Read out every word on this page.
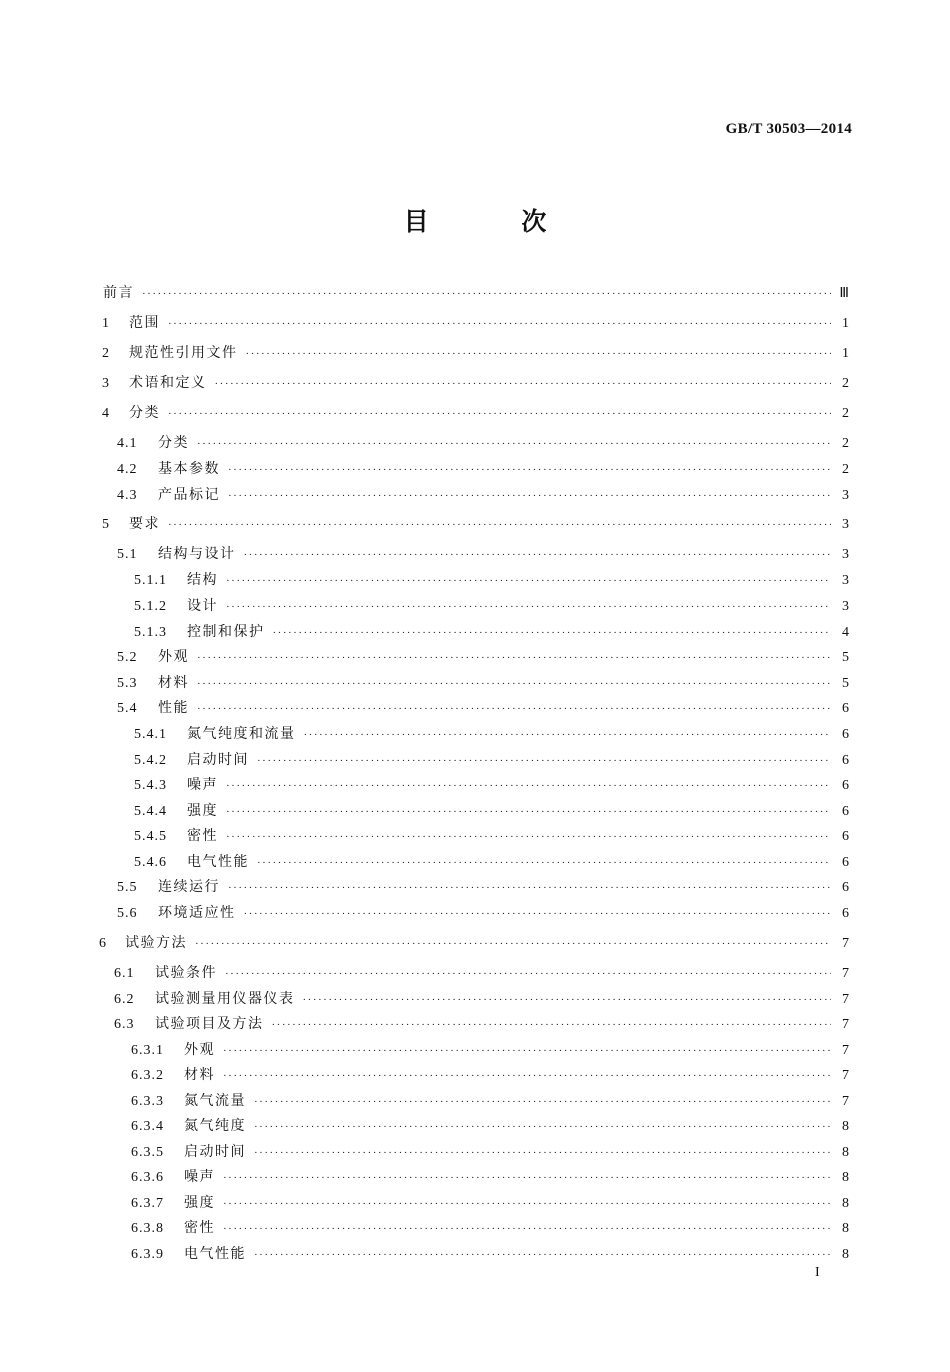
GB/T 30503—2014
目 次
前言 ·····	Ⅲ
1	范围 ·····	1
2	规范性引用文件 ·····	1
3	术语和定义 ·····	2
4	分类 ·····	2
4.1	分类 ·····	2
4.2	基本参数 ·····	2
4.3	产品标记 ·····	3
5	要求 ·····	3
5.1	结构与设计 ·····	3
5.1.1	结构 ·····	3
5.1.2	设计 ·····	3
5.1.3	控制和保护 ·····	4
5.2	外观 ·····	5
5.3	材料 ·····	5
5.4	性能 ·····	6
5.4.1	氮气纯度和流量 ·····	6
5.4.2	启动时间 ·····	6
5.4.3	噪声 ·····	6
5.4.4	强度 ·····	6
5.4.5	密性 ·····	6
5.4.6	电气性能 ·····	6
5.5	连续运行 ·····	6
5.6	环境适应性 ·····	6
6	试验方法 ·····	7
6.1	试验条件 ·····	7
6.2	试验测量用仪器仪表 ·····	7
6.3	试验项目及方法 ·····	7
6.3.1	外观 ·····	7
6.3.2	材料 ·····	7
6.3.3	氮气流量 ·····	7
6.3.4	氮气纯度 ·····	8
6.3.5	启动时间 ·····	8
6.3.6	噪声 ·····	8
6.3.7	强度 ·····	8
6.3.8	密性 ·····	8
6.3.9	电气性能 ·····	8
I
